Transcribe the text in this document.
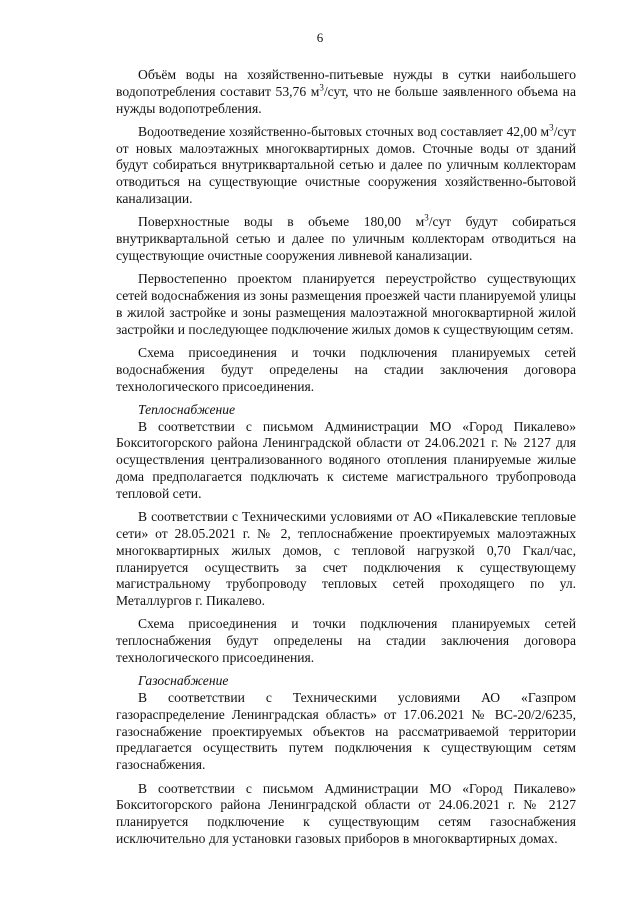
6

Объём воды на хозяйственно-питьевые нужды в сутки наибольшего водопотребления составит 53,76 $м^3$/сут, что не больше заявленного объема на нужды водопотребления.

Водоотведение хозяйственно-бытовых сточных вод составляет 42,00 $м^3$/сут от новых малоэтажных многоквартирных домов. Сточные воды от зданий будут собираться внутриквартальной сетью и далее по уличным коллекторам отводиться на существующие очистные сооружения хозяйственно-бытовой канализации.

Поверхностные воды в объеме 180,00 $м^3$/сут будут собираться внутриквартальной сетью и далее по уличным коллекторам отводиться на существующие очистные сооружения ливневой канализации.

Первостепенно проектом планируется переустройство существующих сетей водоснабжения из зоны размещения проезжей части планируемой улицы в жилой застройке и зоны размещения малоэтажной многоквартирной жилой застройки и последующее подключение жилых домов к существующим сетям.

Схема присоединения и точки подключения планируемых сетей водоснабжения будут определены на стадии заключения договора технологического присоединения.

Теплоснабжение

В соответствии с письмом Администрации МО «Город Пикалево» Бокситогорского района Ленинградской области от 24.06.2021 г. № 2127 для осуществления централизованного водяного отопления планируемые жилые дома предполагается подключать к системе магистрального трубопровода тепловой сети.

В соответствии с Техническими условиями от АО «Пикалевские тепловые сети» от 28.05.2021 г. № 2, теплоснабжение проектируемых малоэтажных многоквартирных жилых домов, с тепловой нагрузкой 0,70 Гкал/час, планируется осуществить за счет подключения к существующему магистральному трубопроводу тепловых сетей проходящего по ул. Металлургов г. Пикалево.

Схема присоединения и точки подключения планируемых сетей теплоснабжения будут определены на стадии заключения договора технологического присоединения.

Газоснабжение

В соответствии с Техническими условиями АО «Газпром газораспределение Ленинградская область» от 17.06.2021 № ВС-20/2/6235, газоснабжение проектируемых объектов на рассматриваемой территории предлагается осуществить путем подключения к существующим сетям газоснабжения.

В соответствии с письмом Администрации МО «Город Пикалево» Бокситогорского района Ленинградской области от 24.06.2021 г. № 2127 планируется подключение к существующим сетям газоснабжения исключительно для установки газовых приборов в многоквартирных домах.
